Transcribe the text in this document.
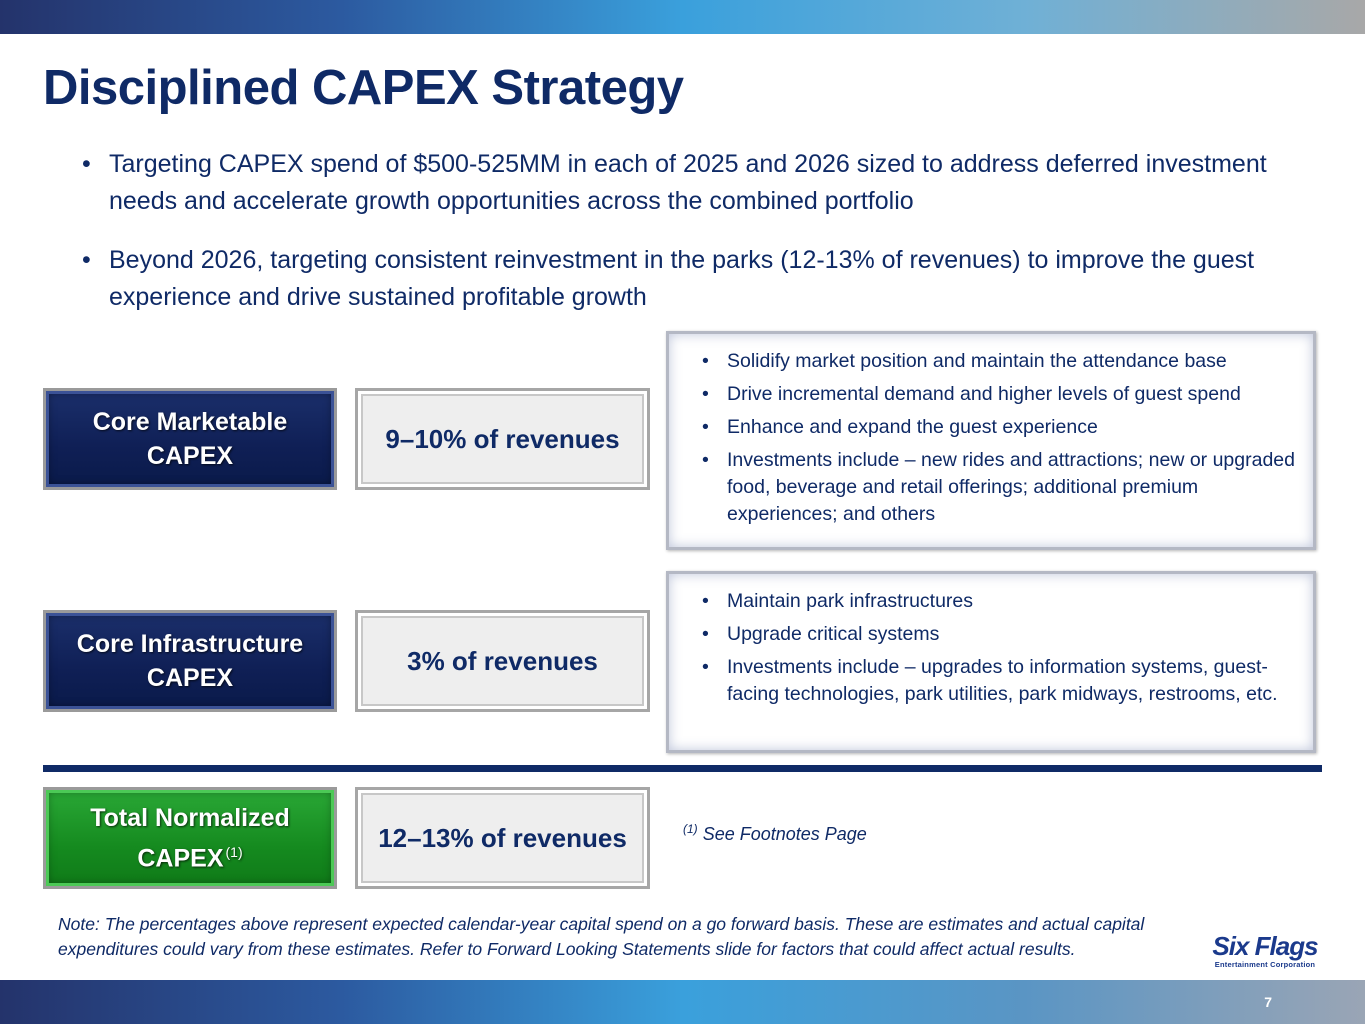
Disciplined CAPEX Strategy
• Targeting CAPEX spend of $500-525MM in each of 2025 and 2026 sized to address deferred investment needs and accelerate growth opportunities across the combined portfolio
• Beyond 2026, targeting consistent reinvestment in the parks (12-13% of revenues) to improve the guest experience and drive sustained profitable growth
Core Marketable CAPEX
9–10% of revenues
• Solidify market position and maintain the attendance base
• Drive incremental demand and higher levels of guest spend
• Enhance and expand the guest experience
• Investments include – new rides and attractions; new or upgraded food, beverage and retail offerings; additional premium experiences; and others
Core Infrastructure CAPEX
3% of revenues
• Maintain park infrastructures
• Upgrade critical systems
• Investments include – upgrades to information systems, guest-facing technologies, park utilities, park midways, restrooms, etc.
Total Normalized
CAPEX $^{(1)}$	12–13% of revenues	$^{(1)}$ See Footnotes Page

Note: The percentages above represent expected calendar-year capital spend on a go forward basis. These are estimates and actual capital expenditures could vary from these estimates. Refer to Forward Looking Statements slide for factors that could affect actual results.	Six Flags
Entertainment Corporation
7
